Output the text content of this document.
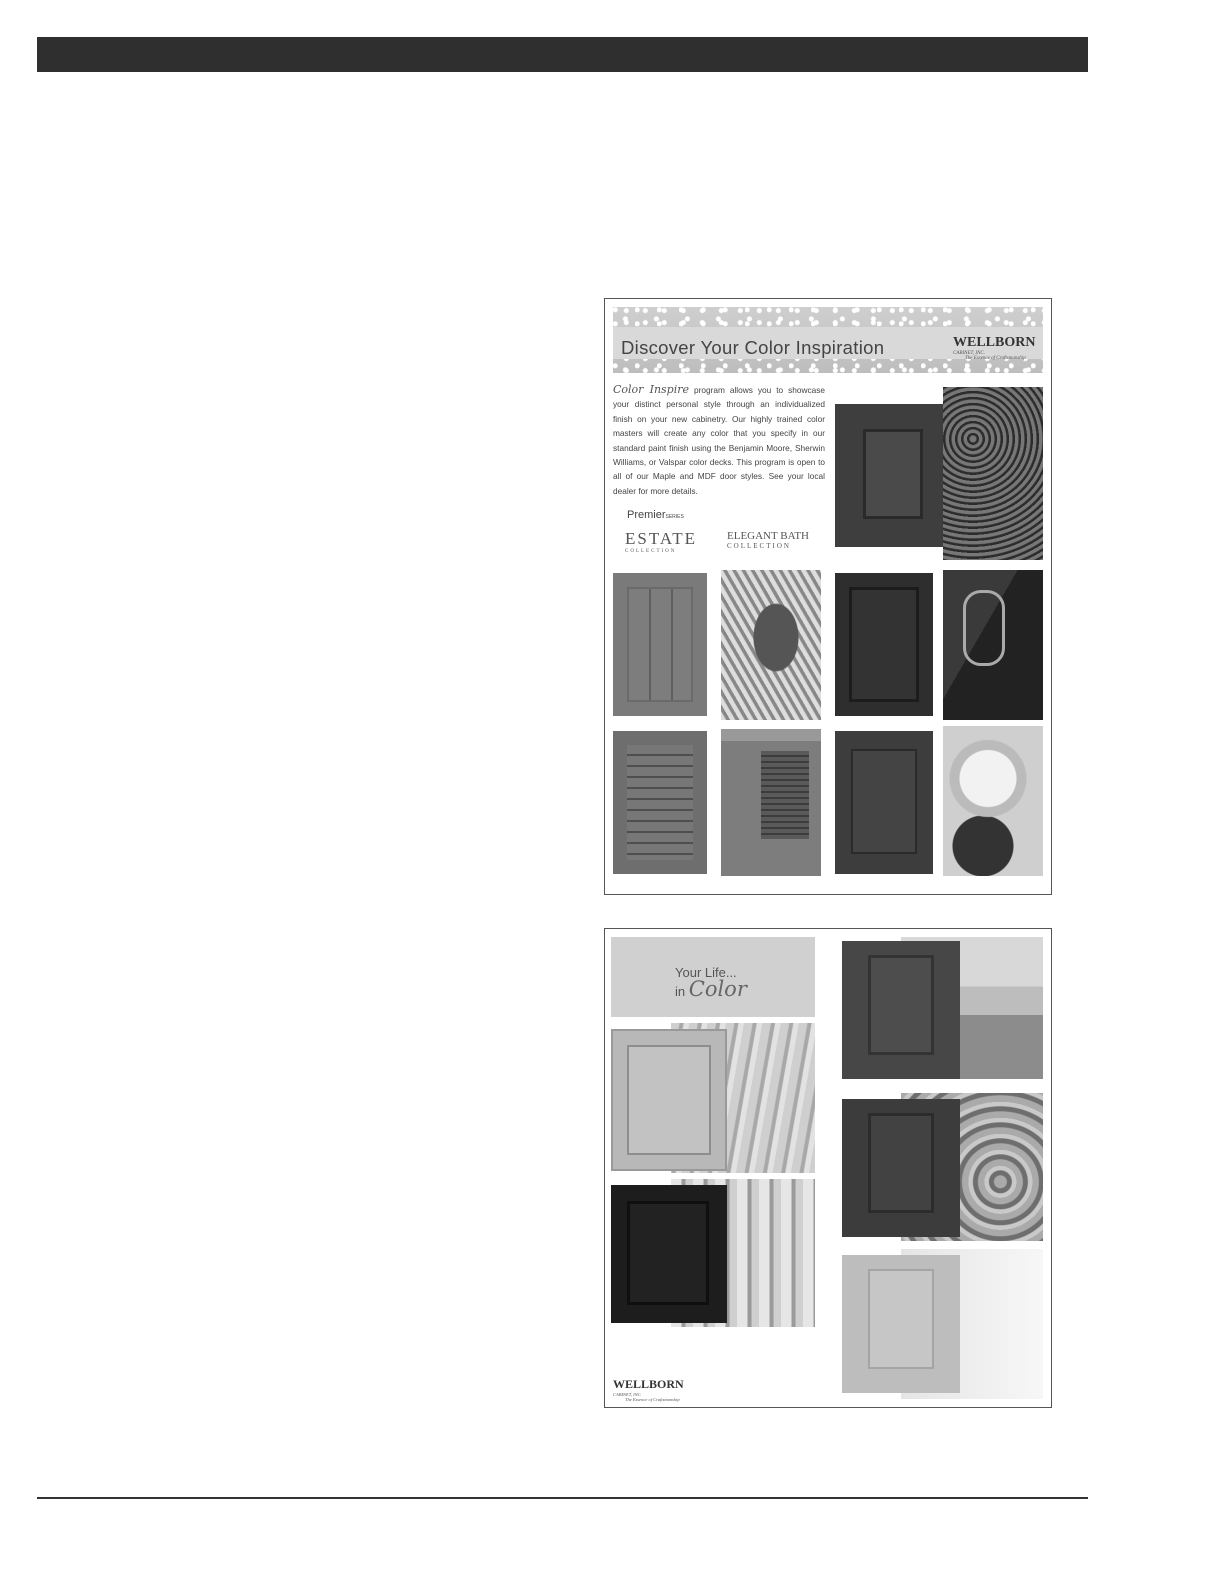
Discover Your Color Inspiration	WELLBORN
CABINET, INC.
The Essence of Craftsmanship
Color Inspire program allows you to showcase your distinct personal style through an individualized finish on your new cabinetry. Our highly trained color masters will create any color that you specify in our standard paint finish using the Benjamin Moore, Sherwin Williams, or Valspar color decks. This program is open to all of our Maple and MDF door styles. See your local dealer for more details.
PremierSERIES
ESTATE
COLLECTION
ELEGANT BATH
COLLECTION
Your Life...
in Color
WELLBORN
CABINET, INC.
The Essence of Craftsmanship
